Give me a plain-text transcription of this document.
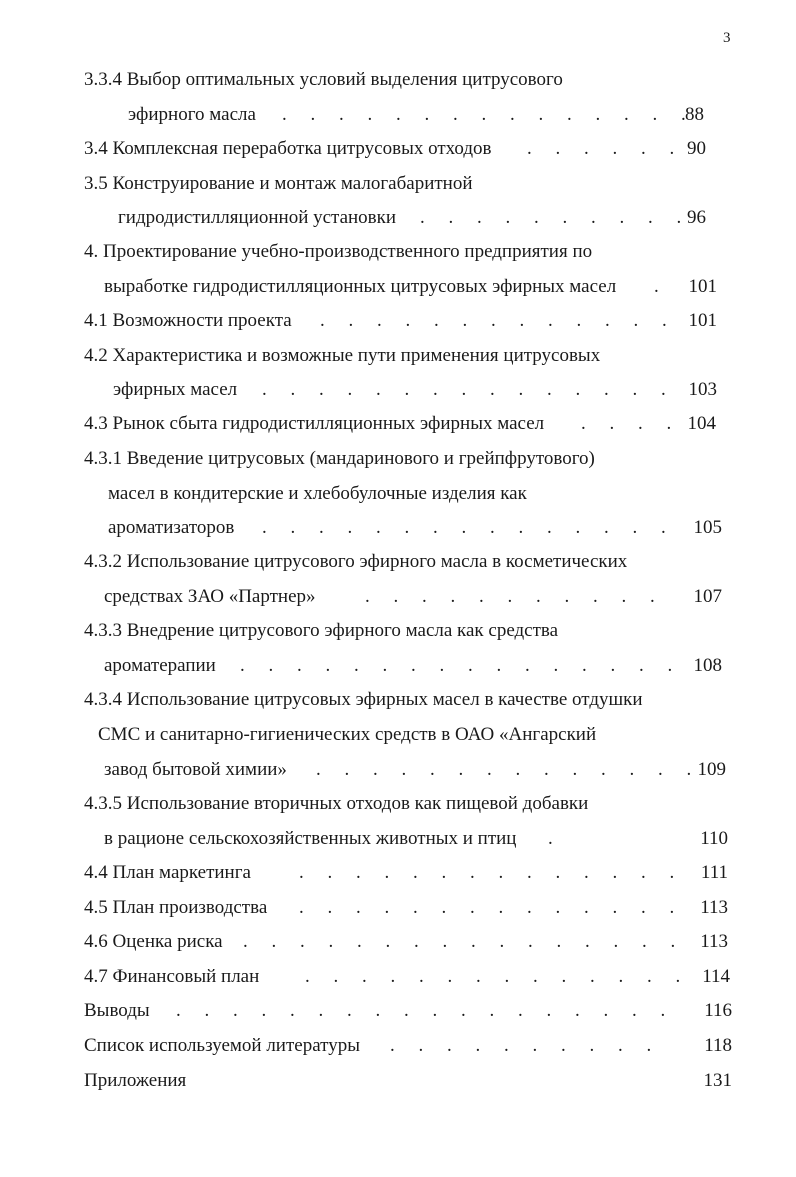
3
3.3.4 Выбор оптимальных условий выделения цитрусового
эфирного масла .     .     .     .     .     .     .     .     .     .     .     .     .     .     . 88
3.4 Комплексная переработка цитрусовых отходов .     .     .     .     .     . 90
3.5 Конструирование и монтаж малогабаритной
гидродистилляционной установки .     .     .     .     .     .     .     .     .     . 96
4. Проектирование учебно-производственного предприятия по
выработке гидродистилляционных цитрусовых эфирных масел .	101
4.1 Возможности проекта .     .     .     .     .     .     .     .     .     .     .     .     .	101
4.2 Характеристика и возможные пути применения цитрусовых
эфирных масел .     .     .     .     .     .     .     .     .     .     .     .     .     .     .	103
4.3 Рынок сбыта гидродистилляционных эфирных масел .     .     .     . 104
4.3.1 Введение цитрусовых (мандаринового и грейпфрутового)
масел в кондитерские и хлебобулочные изделия как
ароматизаторов .     .     .     .     .     .     .     .     .     .     .     .     .     .     .	105
4.3.2 Использование цитрусового эфирного масла в косметических
средствах ЗАО «Партнер»	.     .     .     .     .     .     .     .     .     .     .	107
4.3.3 Внедрение цитрусового эфирного масла как средства
ароматерапии .     .     .     .     .     .     .     .     .     .     .     .     .     .     .     .	108
4.3.4 Использование цитрусовых эфирных масел в качестве отдушки
СМС и санитарно-гигиенических средств в ОАО «Ангарский
завод бытовой химии» .     .     .     .     .     .     .     .     .     .     .     .     .     . 109
4.3.5 Использование вторичных отходов как пищевой добавки
в рационе сельскохозяйственных животных и птиц .	110
4.4 План маркетинга	.     .     .     .     .     .     .     .     .     .     .     .     .     .	111
4.5 План производства .     .     .     .     .     .     .     .     .     .     .     .     .     .	113
4.6 Оценка риска .     .     .     .     .     .     .     .     .     .     .     .     .     .     .     .	113
4.7 Финансовый план .     .     .     .     .     .     .     .     .     .     .     .     .     .	114
Выводы .     .     .     .     .     .     .     .     .     .     .     .     .     .     .     .     .     .	116
Список используемой литературы .     .     .     .     .     .     .     .     .     .	118
Приложения	131
